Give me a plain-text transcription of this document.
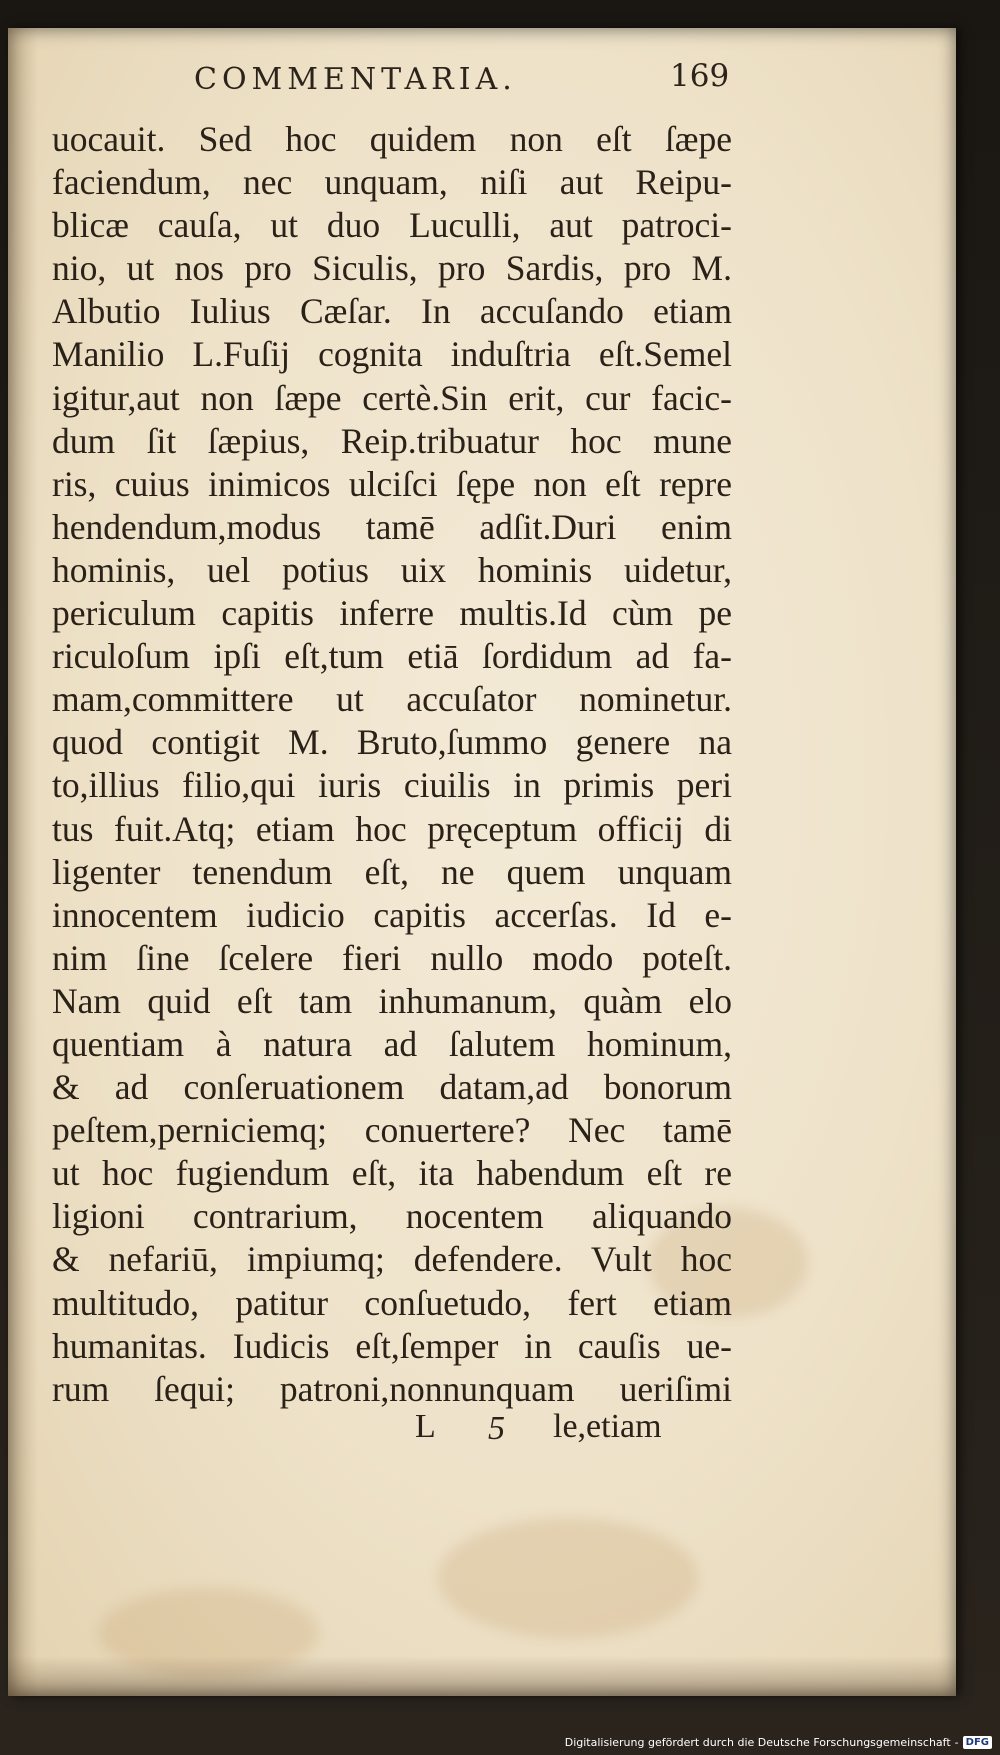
COMMENTARIA.	169
uocauit. Sed hoc quidem non eſt ſæpe
faciendum, nec unquam, niſi aut Reipu-
blicæ cauſa, ut duo Luculli, aut patroci-
nio, ut nos pro Siculis, pro Sardis, pro M.
Albutio Iulius Cæſar. In accuſando etiam
Manilio L.Fuſij cognita induſtria eſt.Semel
igitur,aut non ſæpe certè.Sin erit, cur facic-
dum ſit ſæpius, Reip.tribuatur hoc mune
ris, cuius inimicos ulciſci ſępe non eſt repre
hendendum,modus tamē adſit.Duri enim
hominis, uel potius uix hominis uidetur,
periculum capitis inferre multis.Id cùm pe
riculoſum ipſi eſt,tum etiā ſordidum ad fa-
mam,committere ut accuſator nominetur.
quod contigit M. Bruto,ſummo genere na
to,illius filio,qui iuris ciuilis in primis peri
tus fuit.Atq; etiam hoc pręceptum officij di
ligenter tenendum eſt, ne quem unquam
innocentem iudicio capitis accerſas. Id e-
nim ſine ſcelere fieri nullo modo poteſt.
Nam quid eſt tam inhumanum, quàm elo
quentiam à natura ad ſalutem hominum,
& ad conſeruationem datam,ad bonorum
peſtem,perniciemq; conuertere? Nec tamē
ut hoc fugiendum eſt, ita habendum eſt re
ligioni contrarium, nocentem aliquando
& nefariū, impiumq; defendere. Vult hoc
multitudo, patitur conſuetudo, fert etiam
humanitas. Iudicis eſt,ſemper in cauſis ue-
rum ſequi; patroni,nonnunquam ueriſimi
L 5 le,etiam
Digitalisierung gefördert durch die Deutsche Forschungsgemeinschaft - DFG
